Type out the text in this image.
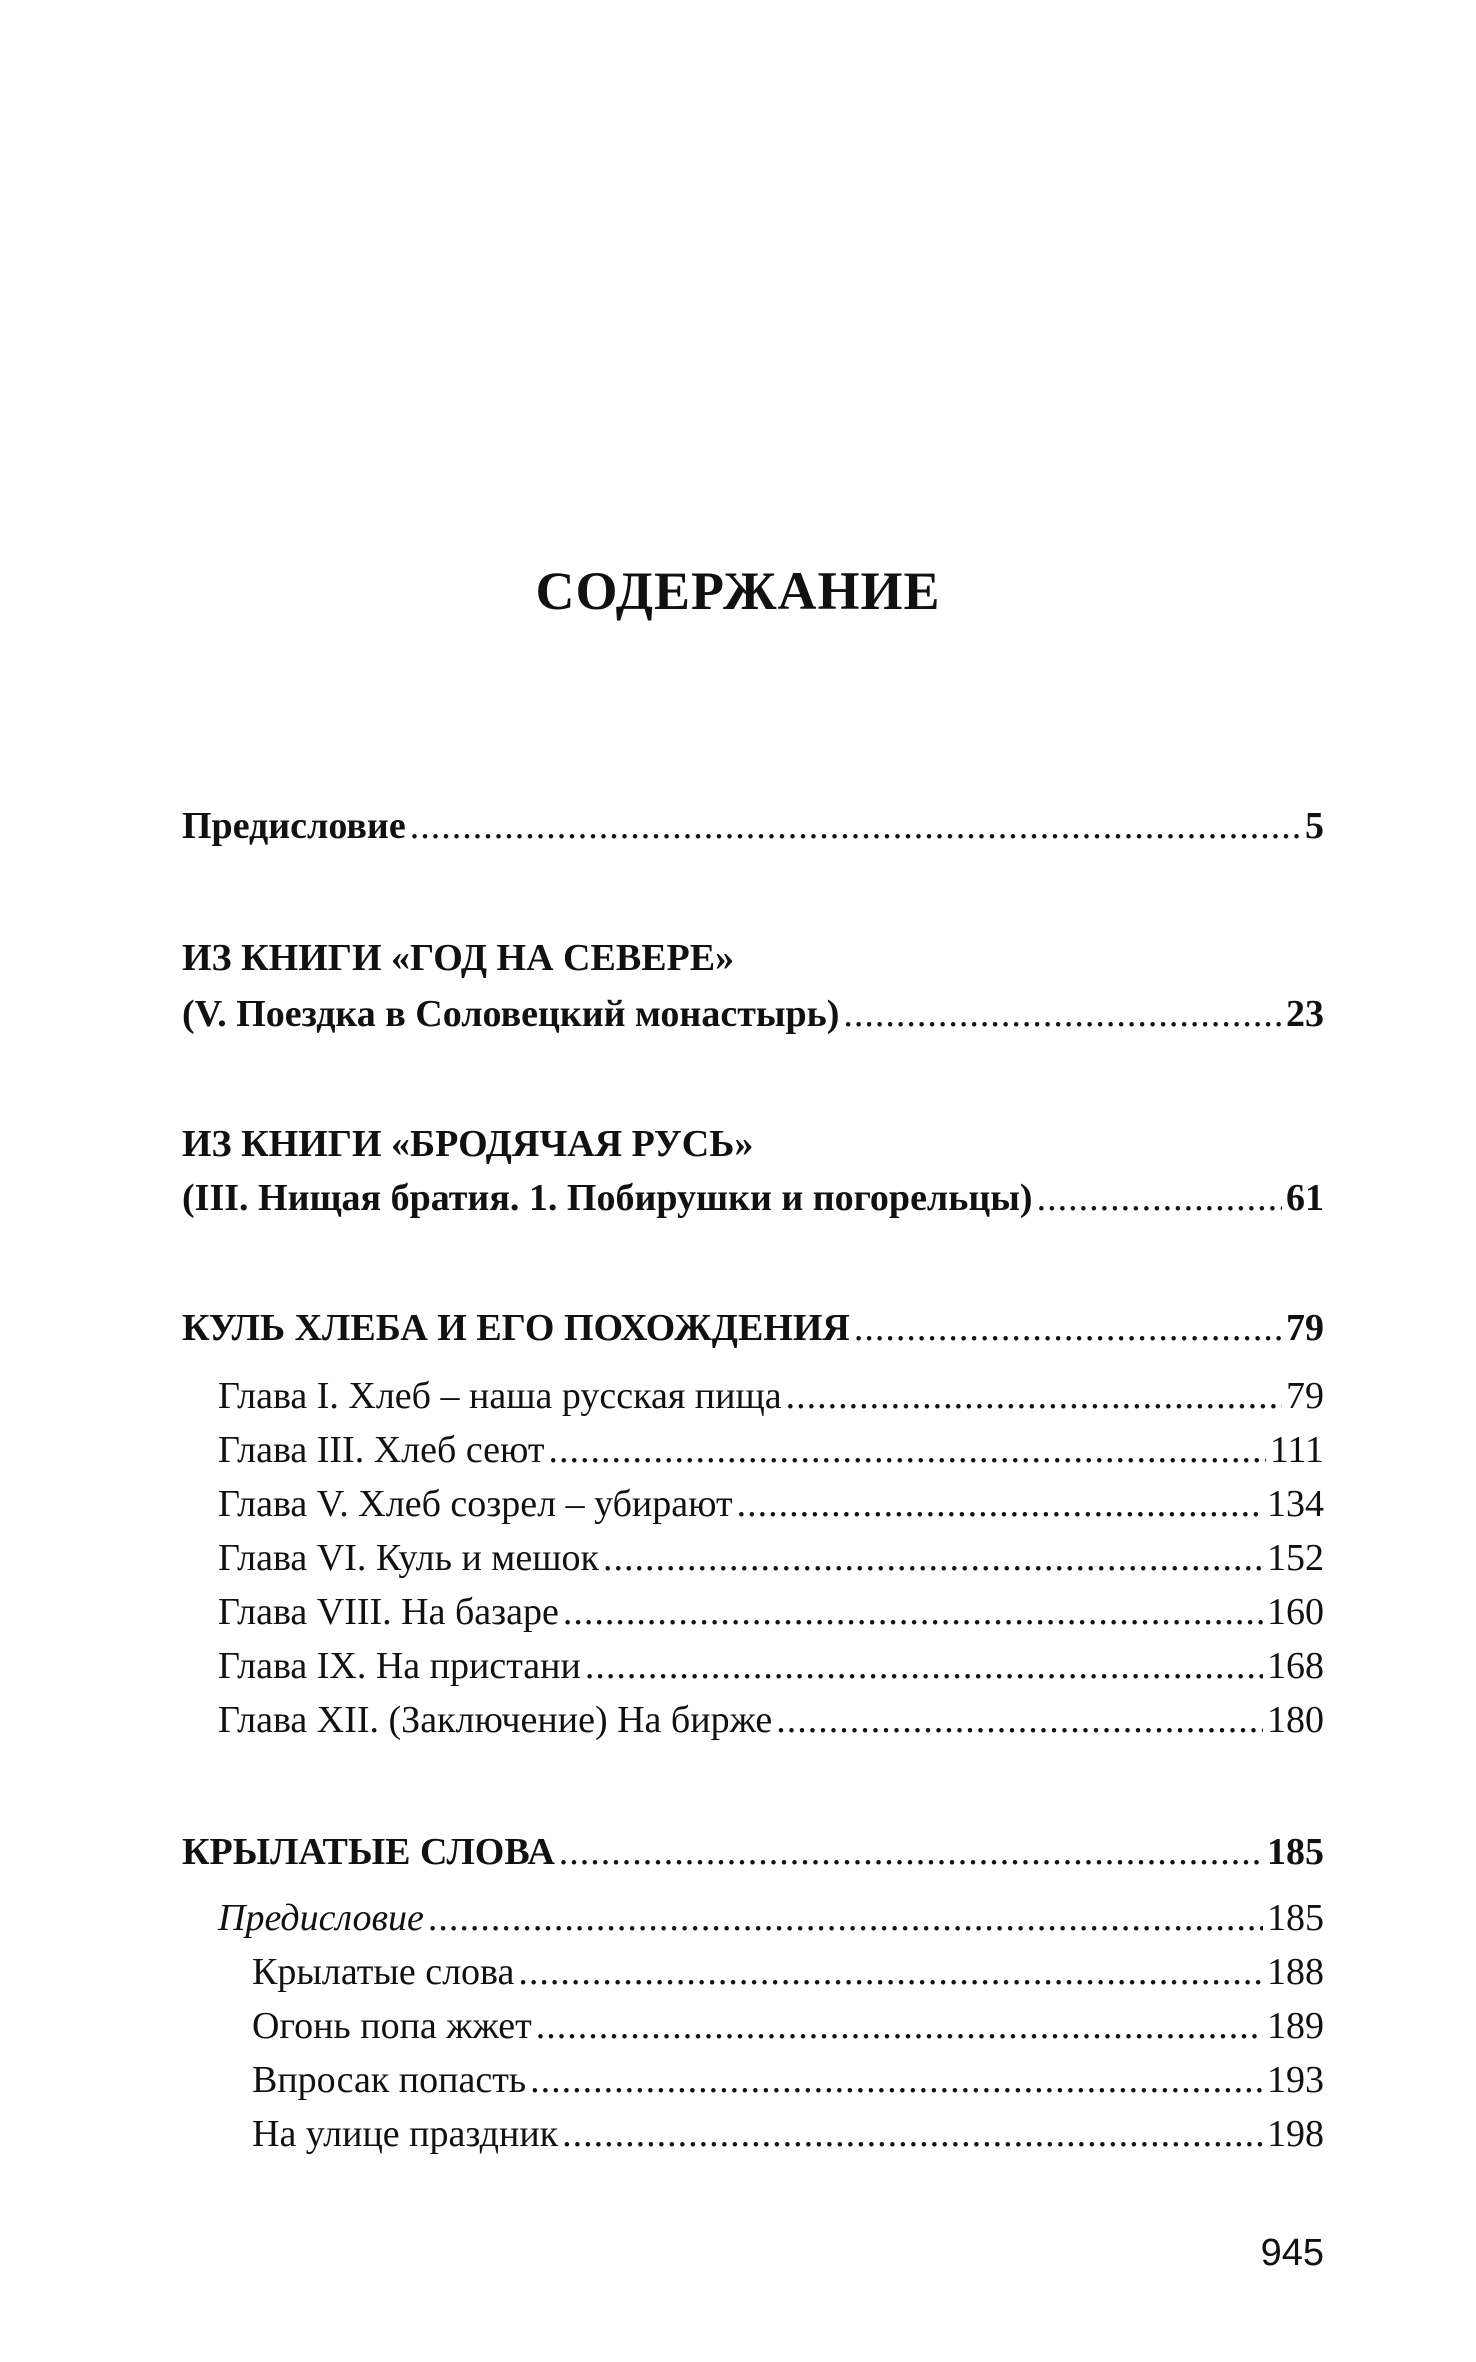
СОДЕРЖАНИЕ
Предисловие .....	5
ИЗ КНИГИ «ГОД НА СЕВЕРЕ»
(V. Поездка в Соловецкий монастырь) .....	23
ИЗ КНИГИ «БРОДЯЧАЯ РУСЬ»
(III. Нищая братия. 1. Побирушки и погорельцы) .....	61
КУЛЬ ХЛЕБА И ЕГО ПОХОЖДЕНИЯ .....	79
Глава I. Хлеб – наша русская пища .....	79
Глава III. Хлеб сеют .....	111
Глава V. Хлеб созрел – убирают .....	134
Глава VI. Куль и мешок .....	152
Глава VIII. На базаре .....	160
Глава IX. На пристани .....	168
Глава XII. (Заключение) На бирже .....	180
КРЫЛАТЫЕ СЛОВА .....	185
Предисловие .....	185
Крылатые слова .....	188
Огонь попа жжет .....	189
Впросак попасть .....	193
На улице праздник .....	198
945
